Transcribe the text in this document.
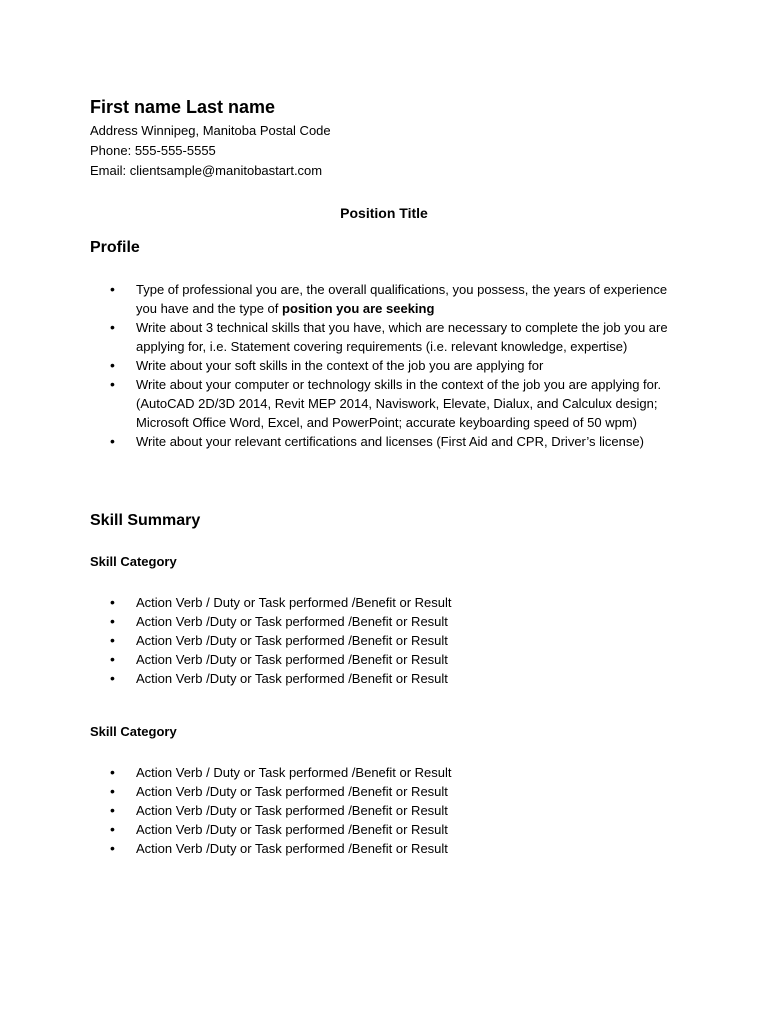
First name Last name
Address Winnipeg, Manitoba Postal Code
Phone: 555-555-5555
Email: clientsample@manitobastart.com
Position Title
Profile
• Type of professional you are, the overall qualifications, you possess, the years of experience you have and the type of position you are seeking
• Write about 3 technical skills that you have, which are necessary to complete the job you are applying for, i.e. Statement covering requirements (i.e. relevant knowledge, expertise)
• Write about your soft skills in the context of the job you are applying for
• Write about your computer or technology skills in the context of the job you are applying for. (AutoCAD 2D/3D 2014, Revit MEP 2014, Naviswork, Elevate, Dialux, and Calculux design; Microsoft Office Word, Excel, and PowerPoint; accurate keyboarding speed of 50 wpm)
• Write about your relevant certifications and licenses (First Aid and CPR, Driver’s license)
Skill Summary
Skill Category
• Action Verb / Duty or Task performed /Benefit or Result
• Action Verb /Duty or Task performed /Benefit or Result
• Action Verb /Duty or Task performed /Benefit or Result
• Action Verb /Duty or Task performed /Benefit or Result
• Action Verb /Duty or Task performed /Benefit or Result
Skill Category
• Action Verb / Duty or Task performed /Benefit or Result
• Action Verb /Duty or Task performed /Benefit or Result
• Action Verb /Duty or Task performed /Benefit or Result
• Action Verb /Duty or Task performed /Benefit or Result
• Action Verb /Duty or Task performed /Benefit or Result
